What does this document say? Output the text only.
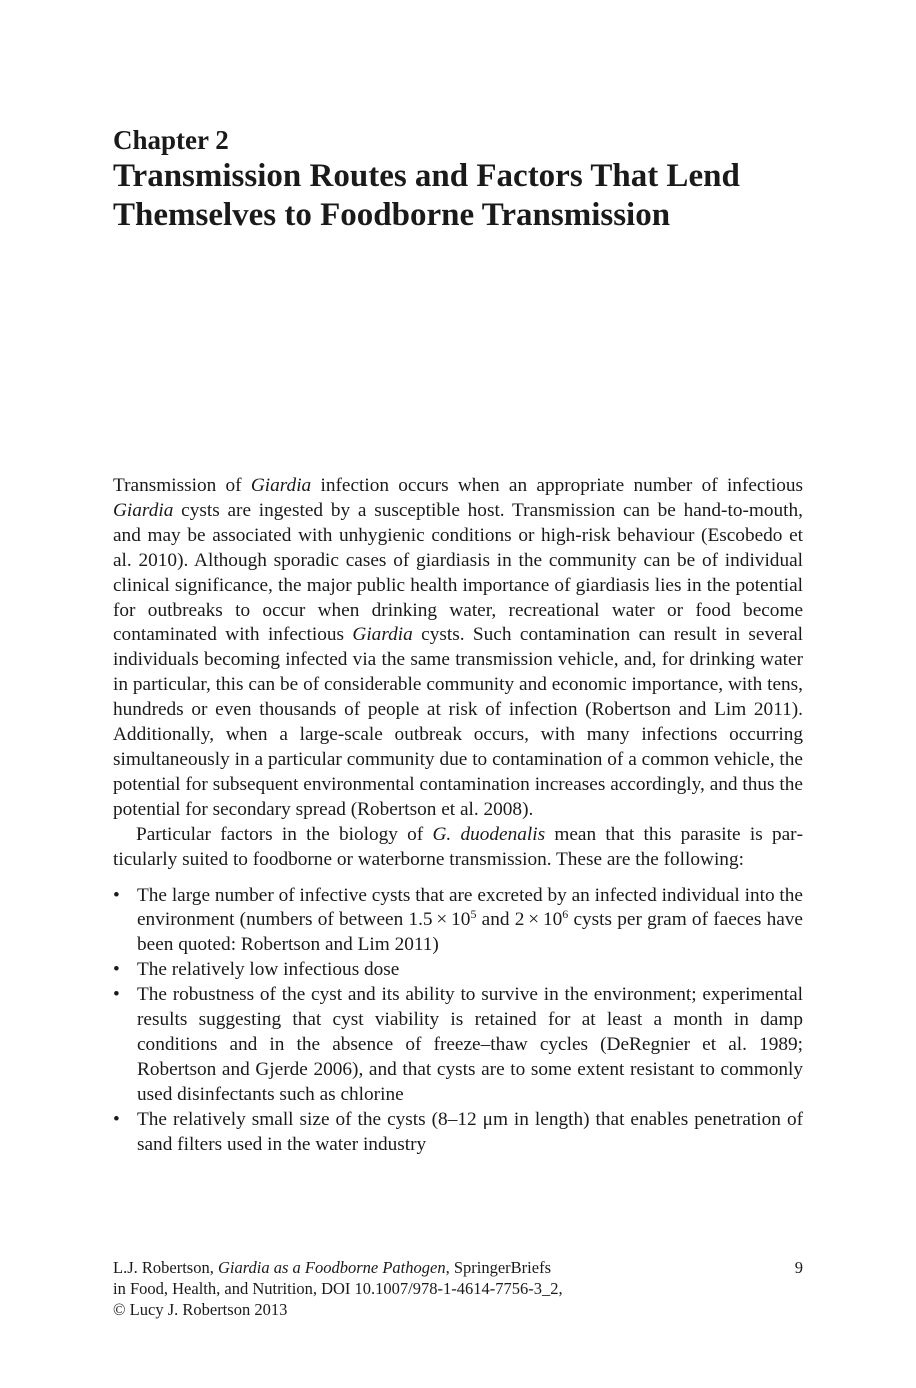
Chapter 2
Transmission Routes and Factors That Lend Themselves to Foodborne Transmission

Transmission of Giardia infection occurs when an appropriate number of infectious Giardia cysts are ingested by a susceptible host. Transmission can be hand-to-mouth, and may be associated with unhygienic conditions or high-risk behaviour (Escobedo et al. 2010). Although sporadic cases of giardiasis in the community can be of individual clinical significance, the major public health importance of giardiasis lies in the potential for outbreaks to occur when drinking water, recreational water or food become contaminated with infectious Giardia cysts. Such contamination can result in several individuals becoming infected via the same transmission vehicle, and, for drinking water in particular, this can be of considerable community and economic importance, with tens, hundreds or even thousands of people at risk of infection (Robertson and Lim 2011). Additionally, when a large-scale outbreak occurs, with many infections occurring simultaneously in a particular community due to contamination of a common vehicle, the potential for subsequent environmental contamination increases accordingly, and thus the potential for secondary spread (Robertson et al. 2008).

Particular factors in the biology of G. duodenalis mean that this parasite is particularly suited to foodborne or waterborne transmission. These are the following:

• The large number of infective cysts that are excreted by an infected individual into the environment (numbers of between $1.5 \times 10^5$ and $2 \times 10^6$ cysts per gram of faeces have been quoted: Robertson and Lim 2011)
• The relatively low infectious dose
• The robustness of the cyst and its ability to survive in the environment; experimental results suggesting that cyst viability is retained for at least a month in damp conditions and in the absence of freeze–thaw cycles (DeRegnier et al. 1989; Robertson and Gjerde 2006), and that cysts are to some extent resistant to commonly used disinfectants such as chlorine
• The relatively small size of the cysts (8–12 μm in length) that enables penetration of sand filters used in the water industry
L.J. Robertson, Giardia as a Foodborne Pathogen, SpringerBriefs
in Food, Health, and Nutrition, DOI 10.1007/978-1-4614-7756-3_2,
© Lucy J. Robertson 2013
9
